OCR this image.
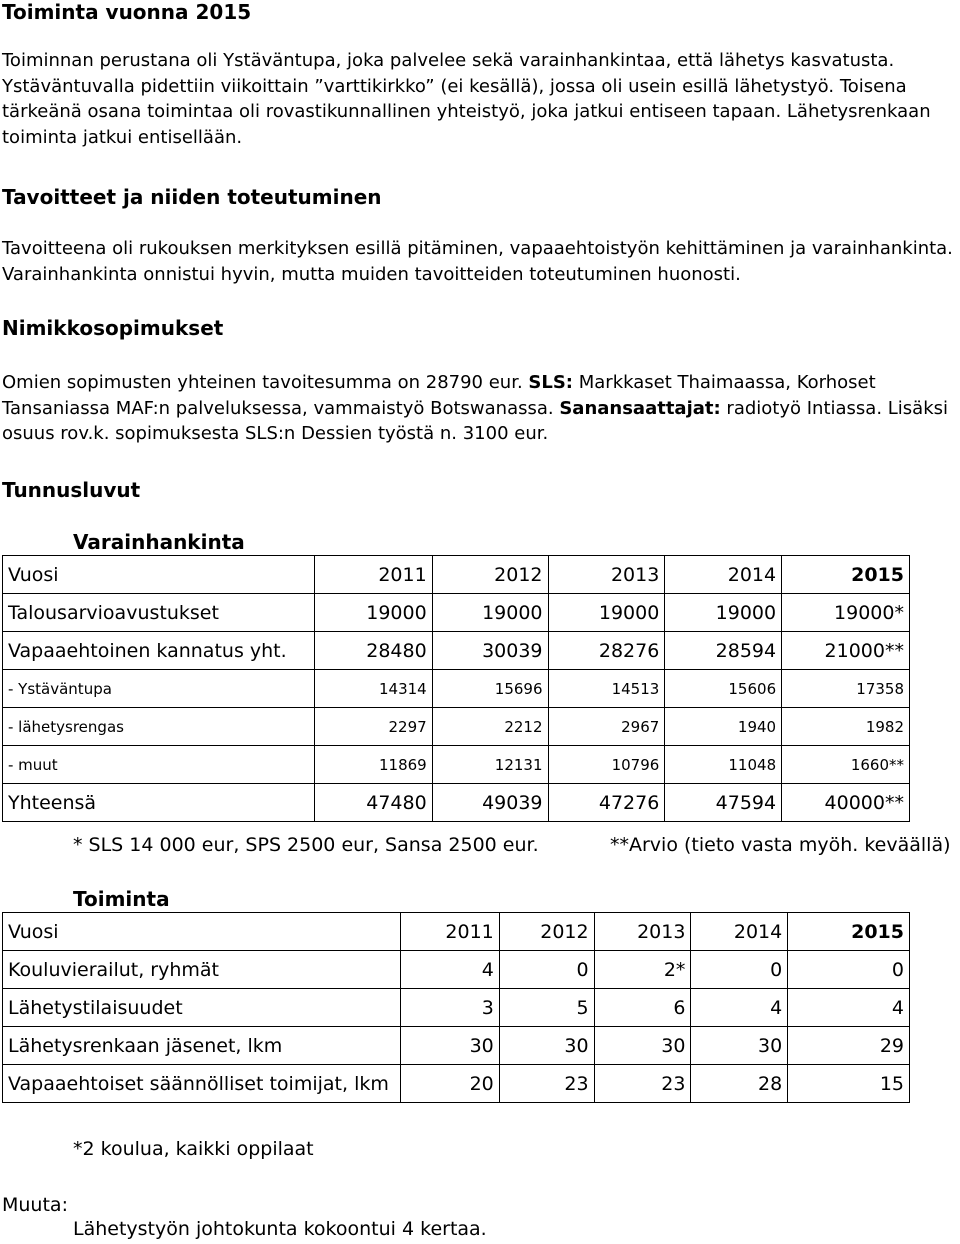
Toiminta vuonna 2015

Toiminnan perustana oli Ystäväntupa, joka palvelee sekä varainhankintaa, että lähetys kasvatusta. Ystäväntuvalla pidettiin viikoittain ”varttikirkko” (ei kesällä), jossa oli usein esillä lähetystyö. Toisena tärkeänä osana toimintaa oli rovastikunnallinen yhteistyö, joka jatkui entiseen tapaan. Lähetysrenkaan toiminta jatkui entisellään.

Tavoitteet ja niiden toteutuminen

Tavoitteena oli rukouksen merkityksen esillä pitäminen, vapaaehtoistyön kehittäminen ja varainhankinta. Varainhankinta onnistui hyvin, mutta muiden tavoitteiden toteutuminen huonosti.

Nimikkosopimukset

Omien sopimusten yhteinen tavoitesumma on 28790 eur. SLS: Markkaset Thaimaassa, Korhoset Tansaniassa MAF:n palveluksessa, vammaistyö Botswanassa. Sanansaattajat: radiotyö Intiassa. Lisäksi osuus rov.k. sopimuksesta SLS:n Dessien työstä n. 3100 eur.

Tunnusluvut
Varainhankinta
Vuosi	2011	2012	2013	2014	2015
Talousarvioavustukset	19000	19000	19000	19000	19000*
Vapaaehtoinen kannatus yht.	28480	30039	28276	28594	21000**
- Ystäväntupa	14314	15696	14513	15606	17358
- lähetysrengas	2297	2212	2967	1940	1982
- muut	11869	12131	10796	11048	1660**
Yhteensä	47480	49039	47276	47594	40000**
* SLS 14 000 eur, SPS 2500 eur, Sansa 2500 eur.	**Arvio (tieto vasta myöh. keväällä)
Toiminta
Vuosi	2011	2012	2013	2014	2015
Kouluvierailut, ryhmät	4	0	2*	0	0
Lähetystilaisuudet	3	5	6	4	4
Lähetysrenkaan jäsenet, lkm	30	30	30	30	29
Vapaaehtoiset säännölliset toimijat, lkm	20	23	23	28	15
*2 koulua, kaikki oppilaat
Muuta:
Lähetystyön johtokunta kokoontui 4 kertaa.
